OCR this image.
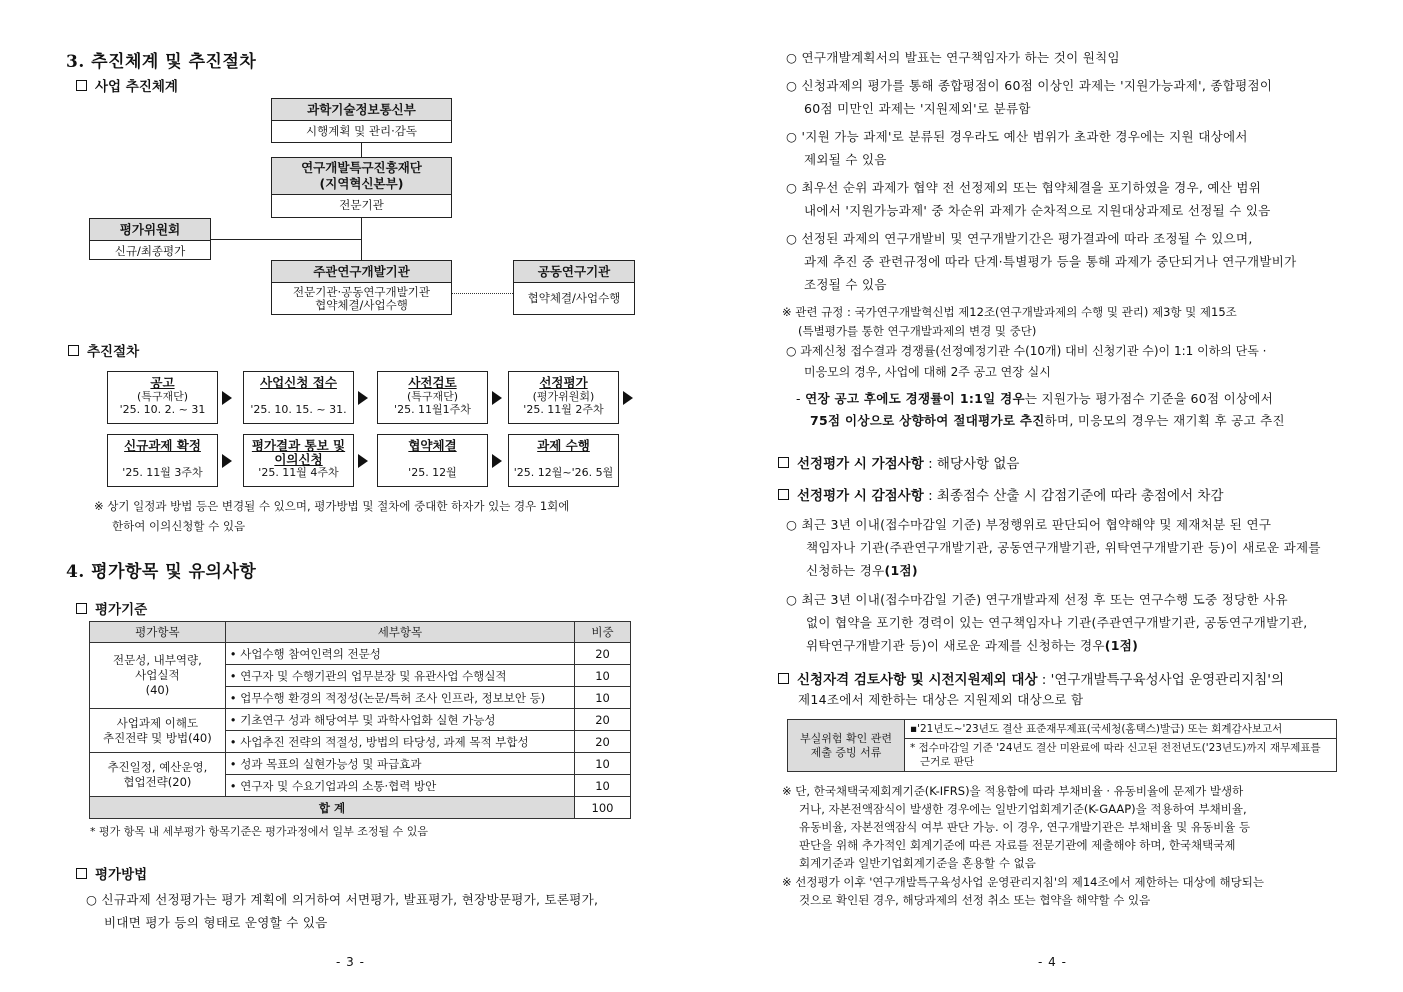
3. 추진체계 및 추진절차
사업 추진체계
과학기술정보통신부
시행계획 및 관리·감독
연구개발특구진흥재단
(지역혁신본부)
전문기관
평가위원회
신규/최종평가
주관연구개발기관
전문기관·공동연구개발기관
협약체결/사업수행
공동연구기관
협약체결/사업수행
추진절차
공고
(특구재단)
'25. 10. 2. ~ 31
사업신청 접수
'25. 10. 15. ~ 31.
사전검토
(특구재단)
'25. 11월1주차
선정평가
(평가위원회)
'25. 11월 2주차
신규과제 확정
'25. 11월 3주차
평가결과 통보 및
이의신청
'25. 11월 4주차
협약체결
'25. 12월
과제 수행
'25. 12월~'26. 5월
※ 상기 일정과 방법 등은 변경될 수 있으며, 평가방법 및 절차에 중대한 하자가 있는 경우 1회에
한하여 이의신청할 수 있음
4. 평가항목 및 유의사항
평가기준
평가항목	세부항목	비중

전문성, 내부역량,
사업실적
(40)	• 사업수행 참여인력의 전문성	20
	• 연구자 및 수행기관의 업무분장 및 유관사업 수행실적	10
	• 업무수행 환경의 적정성(논문/특허 조사 인프라, 정보보안 등)	10

사업과제 이해도
추진전략 및 방법(40)	• 기초연구 성과 해당여부 및 과학사업화 실현 가능성	20
	• 사업추진 전략의 적절성, 방법의 타당성, 과제 목적 부합성	20

추진일정, 예산운영,
협업전략(20)	• 성과 목표의 실현가능성 및 파급효과	10
	• 연구자 및 수요기업과의 소통·협력 방안	10
합 계		100
* 평가 항목 내 세부평가 항목기준은 평가과정에서 일부 조정될 수 있음
평가방법
○ 신규과제 선정평가는 평가 계획에 의거하여 서면평가, 발표평가, 현장방문평가, 토론평가,
비대면 평가 등의 형태로 운영할 수 있음
- 3 -
○ 연구개발계획서의 발표는 연구책임자가 하는 것이 원칙임
○ 신청과제의 평가를 통해 종합평점이 60점 이상인 과제는 '지원가능과제', 종합평점이
60점 미만인 과제는 '지원제외'로 분류함
○ '지원 가능 과제'로 분류된 경우라도 예산 범위가 초과한 경우에는 지원 대상에서
제외될 수 있음
○ 최우선 순위 과제가 협약 전 선정제외 또는 협약체결을 포기하였을 경우, 예산 범위
내에서 '지원가능과제' 중 차순위 과제가 순차적으로 지원대상과제로 선정될 수 있음
○ 선정된 과제의 연구개발비 및 연구개발기간은 평가결과에 따라 조정될 수 있으며,
과제 추진 중 관련규정에 따라 단계·특별평가 등을 통해 과제가 중단되거나 연구개발비가
조정될 수 있음
※ 관련 규정 : 국가연구개발혁신법 제12조(연구개발과제의 수행 및 관리) 제3항 및 제15조
(특별평가를 통한 연구개발과제의 변경 및 중단)
○ 과제신청 접수결과 경쟁률(선정예정기관 수(10개) 대비 신청기관 수)이 1:1 이하의 단독 ·
미응모의 경우, 사업에 대해 2주 공고 연장 실시
- 연장 공고 후에도 경쟁률이 1:1일 경우는 지원가능 평가점수 기준을 60점 이상에서
75점 이상으로 상향하여 절대평가로 추진하며, 미응모의 경우는 재기획 후 공고 추진
선정평가 시 가점사항 : 해당사항 없음
선정평가 시 감점사항 : 최종점수 산출 시 감점기준에 따라 총점에서 차감
○ 최근 3년 이내(접수마감일 기준) 부정행위로 판단되어 협약해약 및 제재처분 된 연구
책임자나 기관(주관연구개발기관, 공동연구개발기관, 위탁연구개발기관 등)이 새로운 과제를
신청하는 경우(1점)
○ 최근 3년 이내(접수마감일 기준) 연구개발과제 선정 후 또는 연구수행 도중 정당한 사유
없이 협약을 포기한 경력이 있는 연구책임자나 기관(주관연구개발기관, 공동연구개발기관,
위탁연구개발기관 등)이 새로운 과제를 신청하는 경우(1점)
신청자격 검토사항 및 시전지원제외 대상 : '연구개발특구육성사업 운영관리지침'의
제14조에서 제한하는 대상은 지원제외 대상으로 함
부실위험 확인 관련
제출 증빙 서류
	▪'21년도~'23년도 결산 표준재무제표(국세청(홈택스)발급) 또는 회계감사보고서

* 접수마감일 기준 '24년도 결산 미완료에 따라 신고된 전전년도('23년도)까지 재무제표를
근거로 판단
※ 단, 한국채택국제회계기준(K-IFRS)을 적용함에 따라 부채비율 · 유동비율에 문제가 발생하
거나, 자본전액잠식이 발생한 경우에는 일반기업회계기준(K-GAAP)을 적용하여 부채비율,
유동비율, 자본전액잠식 여부 판단 가능. 이 경우, 연구개발기관은 부채비율 및 유동비율 등
판단을 위해 추가적인 회계기준에 따른 자료를 전문기관에 제출해야 하며, 한국채택국제
회계기준과 일반기업회계기준을 혼용할 수 없음
※ 선정평가 이후 '연구개발특구육성사업 운영관리지침'의 제14조에서 제한하는 대상에 해당되는
것으로 확인된 경우, 해당과제의 선정 취소 또는 협약을 해약할 수 있음
- 4 -
